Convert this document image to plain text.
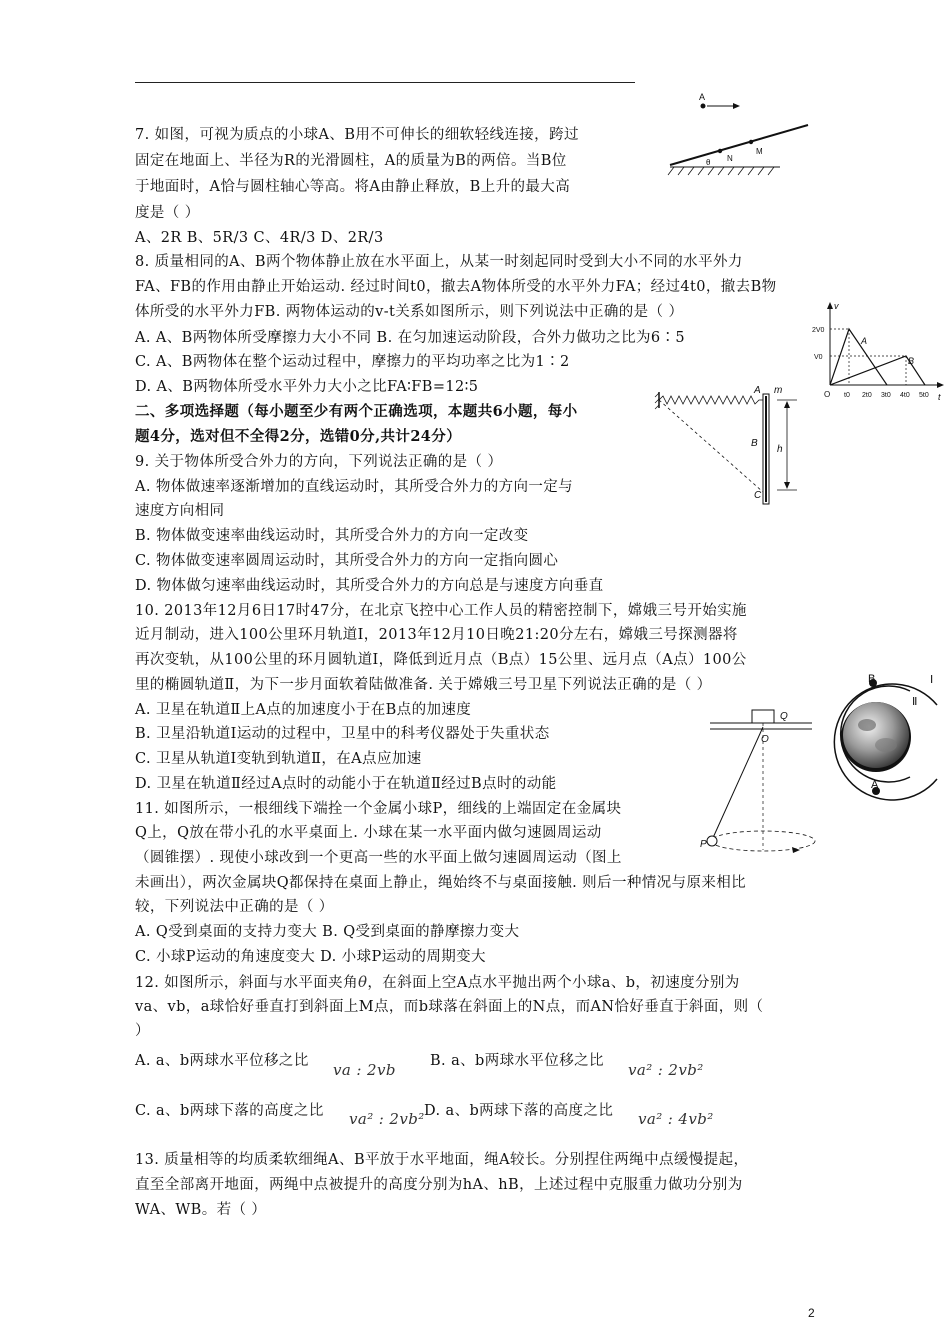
7. 如图，可视为质点的小球A、B用不可伸长的细软轻线连接，跨过
固定在地面上、半径为R的光滑圆柱，A的质量为B的两倍。当B位
于地面时，A恰与圆柱轴心等高。将A由静止释放，B上升的最大高
度是（ ）
A、2R B、5R/3 C、4R/3 D、2R/3
8. 质量相同的A、B两个物体静止放在水平面上，从某一时刻起同时受到大小不同的水平外力
FA、FB的作用由静止开始运动. 经过时间t0，撤去A物体所受的水平外力FA；经过4t0，撤去B物
体所受的水平外力FB. 两物体运动的v-t关系如图所示，则下列说法中正确的是（ ）
A. A、B两物体所受摩擦力大小不同 B. 在匀加速运动阶段，合外力做功之比为6∶5
C. A、B两物体在整个运动过程中，摩擦力的平均功率之比为1∶2
D. A、B两物体所受水平外力大小之比FA∶FB=12∶5
二、多项选择题（每小题至少有两个正确选项，本题共6小题，每小
题4分，选对但不全得2分，选错0分,共计24分）
9. 关于物体所受合外力的方向，下列说法正确的是（ ）
A. 物体做速率逐渐增加的直线运动时，其所受合外力的方向一定与
速度方向相同
B. 物体做变速率曲线运动时，其所受合外力的方向一定改变
C. 物体做变速率圆周运动时，其所受合外力的方向一定指向圆心
D. 物体做匀速率曲线运动时，其所受合外力的方向总是与速度方向垂直
10. 2013年12月6日17时47分，在北京飞控中心工作人员的精密控制下，嫦娥三号开始实施
近月制动，进入100公里环月轨道Ⅰ，2013年12月10日晚21:20分左右，嫦娥三号探测器将
再次变轨，从100公里的环月圆轨道Ⅰ，降低到近月点（B点）15公里、远月点（A点）100公
里的椭圆轨道Ⅱ，为下一步月面软着陆做准备. 关于嫦娥三号卫星下列说法正确的是（ ）
A. 卫星在轨道Ⅱ上A点的加速度小于在B点的加速度
B. 卫星沿轨道Ⅰ运动的过程中，卫星中的科考仪器处于失重状态
C. 卫星从轨道Ⅰ变轨到轨道Ⅱ，在A点应加速
D. 卫星在轨道Ⅱ经过A点时的动能小于在轨道Ⅱ经过B点时的动能
11. 如图所示，一根细线下端拴一个金属小球P，细线的上端固定在金属块
Q上，Q放在带小孔的水平桌面上. 小球在某一水平面内做匀速圆周运动
（圆锥摆）. 现使小球改到一个更高一些的水平面上做匀速圆周运动（图上
未画出），两次金属块Q都保持在桌面上静止，绳始终不与桌面接触. 则后一种情况与原来相比
较，下列说法中正确的是（ ）
A. Q受到桌面的支持力变大 B. Q受到桌面的静摩擦力变大
C. 小球P运动的角速度变大 D. 小球P运动的周期变大
12. 如图所示，斜面与水平面夹角θ，在斜面上空A点水平抛出两个小球a、b，初速度分别为
va、vb，a球恰好垂直打到斜面上M点，而b球落在斜面上的N点，而AN恰好垂直于斜面，则（
）
A. a、b两球水平位移之比 va : 2vb B. a、b两球水平位移之比 va² : 2vb²
C. a、b两球下落的高度之比 va² : 2vb² D. a、b两球下落的高度之比 va² : 4vb²
13. 质量相等的均质柔软细绳A、B平放于水平地面，绳A较长。分别捏住两绳中点缓慢提起，
直至全部离开地面，两绳中点被提升的高度分别为hA、hB，上述过程中克服重力做功分别为
WA、WB。若（ ）
2
A
N
M
θ
v
2V0
V0
A
B
O t0 2t0 3t0 4t0 5t0 t
A m
B
C
h
B
A
Ⅰ
Ⅱ
Q
O
P
